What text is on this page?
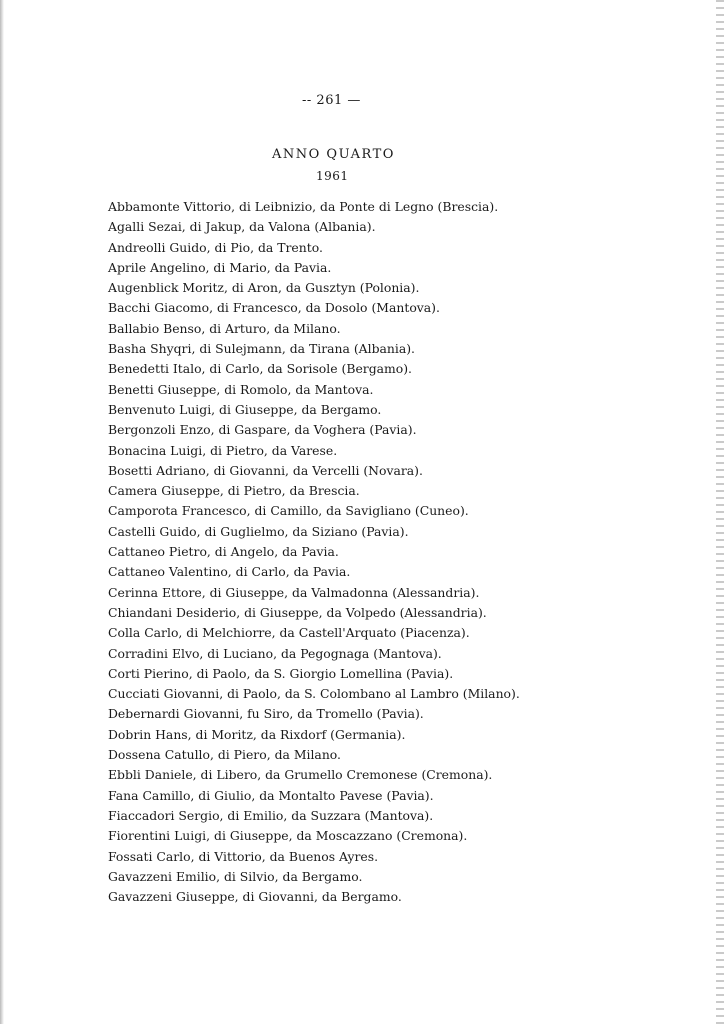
-- 261 —
ANNO QUARTO
1961
Abbamonte Vittorio, di Leibnizio, da Ponte di Legno (Brescia).
Agalli Sezai, di Jakup, da Valona (Albania).
Andreolli Guido, di Pio, da Trento.
Aprile Angelino, di Mario, da Pavia.
Augenblick Moritz, di Aron, da Gusztyn (Polonia).
Bacchi Giacomo, di Francesco, da Dosolo (Mantova).
Ballabio Benso, di Arturo, da Milano.
Basha Shyqri, di Sulejmann, da Tirana (Albania).
Benedetti Italo, di Carlo, da Sorisole (Bergamo).
Benetti Giuseppe, di Romolo, da Mantova.
Benvenuto Luigi, di Giuseppe, da Bergamo.
Bergonzoli Enzo, di Gaspare, da Voghera (Pavia).
Bonacina Luigi, di Pietro, da Varese.
Bosetti Adriano, di Giovanni, da Vercelli (Novara).
Camera Giuseppe, di Pietro, da Brescia.
Camporota Francesco, di Camillo, da Savigliano (Cuneo).
Castelli Guido, di Guglielmo, da Siziano (Pavia).
Cattaneo Pietro, di Angelo, da Pavia.
Cattaneo Valentino, di Carlo, da Pavia.
Cerinna Ettore, di Giuseppe, da Valmadonna (Alessandria).
Chiandani Desiderio, di Giuseppe, da Volpedo (Alessandria).
Colla Carlo, di Melchiorre, da Castell'Arquato (Piacenza).
Corradini Elvo, di Luciano, da Pegognaga (Mantova).
Corti Pierino, di Paolo, da S. Giorgio Lomellina (Pavia).
Cucciati Giovanni, di Paolo, da S. Colombano al Lambro (Milano).
Debernardi Giovanni, fu Siro, da Tromello (Pavia).
Dobrin Hans, di Moritz, da Rixdorf (Germania).
Dossena Catullo, di Piero, da Milano.
Ebbli Daniele, di Libero, da Grumello Cremonese (Cremona).
Fana Camillo, di Giulio, da Montalto Pavese (Pavia).
Fiaccadori Sergio, di Emilio, da Suzzara (Mantova).
Fiorentini Luigi, di Giuseppe, da Moscazzano (Cremona).
Fossati Carlo, di Vittorio, da Buenos Ayres.
Gavazzeni Emilio, di Silvio, da Bergamo.
Gavazzeni Giuseppe, di Giovanni, da Bergamo.
